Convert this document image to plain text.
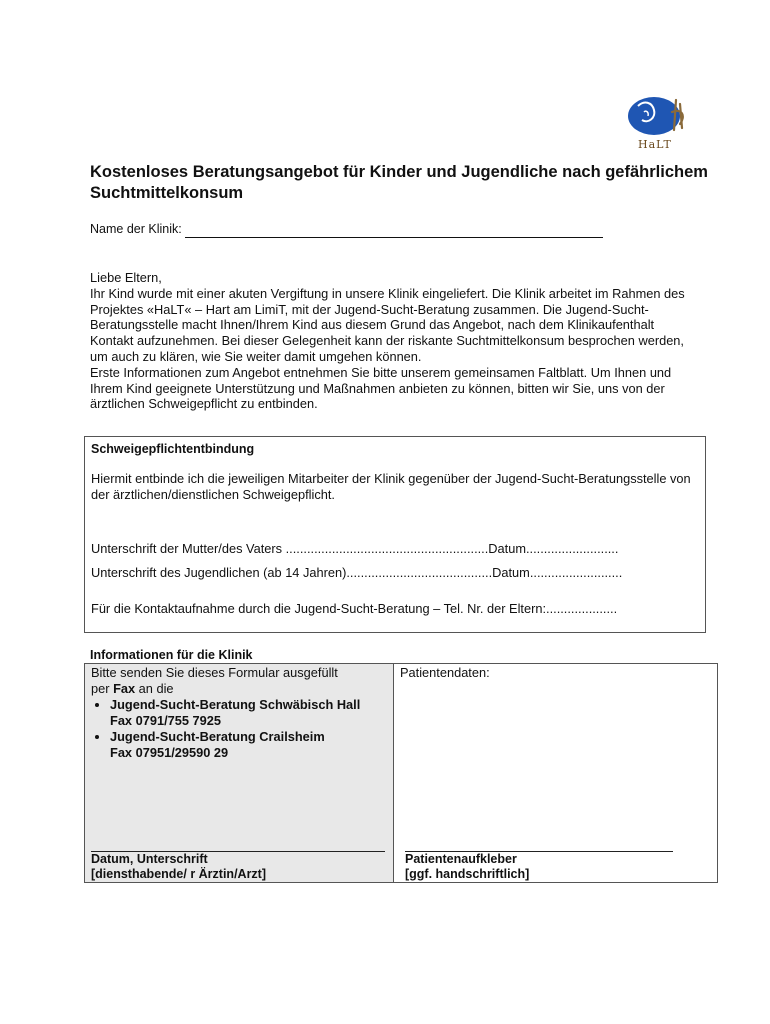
HaLT
Kostenloses Beratungsangebot für Kinder und Jugendliche nach gefährlichem Suchtmittelkonsum
Name der Klinik:

Liebe Eltern,

Ihr Kind wurde mit einer akuten Vergiftung in unsere Klinik eingeliefert. Die Klinik arbeitet im Rahmen des Projektes «HaLT« – Hart am LimiT, mit der Jugend-Sucht-Beratung zusammen. Die Jugend-Sucht-Beratungsstelle macht Ihnen/Ihrem Kind aus diesem Grund das Angebot, nach dem Klinikaufenthalt Kontakt aufzunehmen. Bei dieser Gelegenheit kann der riskante Suchtmittelkonsum besprochen werden, um auch zu klären, wie Sie weiter damit umgehen können.

Erste Informationen zum Angebot entnehmen Sie bitte unserem gemeinsamen Faltblatt. Um Ihnen und Ihrem Kind geeignete Unterstützung und Maßnahmen anbieten zu können, bitten wir Sie, uns von der ärztlichen Schweigepflicht zu entbinden.

Schweigepflichtentbindung
Hiermit entbinde ich die jeweiligen Mitarbeiter der Klinik gegenüber der Jugend-Sucht-Beratungsstelle von der ärztlichen/dienstlichen Schweigepflicht.
Unterschrift der Mutter/des Vaters .........................................................Datum..........................
Unterschrift des Jugendlichen (ab 14 Jahren).........................................Datum..........................
Für die Kontaktaufnahme durch die Jugend-Sucht-Beratung – Tel. Nr. der Eltern:....................
Informationen für die Klinik
Bitte senden Sie dieses Formular ausgefüllt
per Fax an die
• Jugend-Sucht-Beratung Schwäbisch Hall
Fax 0791/755 7925
• Jugend-Sucht-Beratung Crailsheim
Fax 07951/29590 29
Datum, Unterschrift
[diensthabende/ r Ärztin/Arzt]
Patientendaten:
Patientenaufkleber
[ggf. handschriftlich]
